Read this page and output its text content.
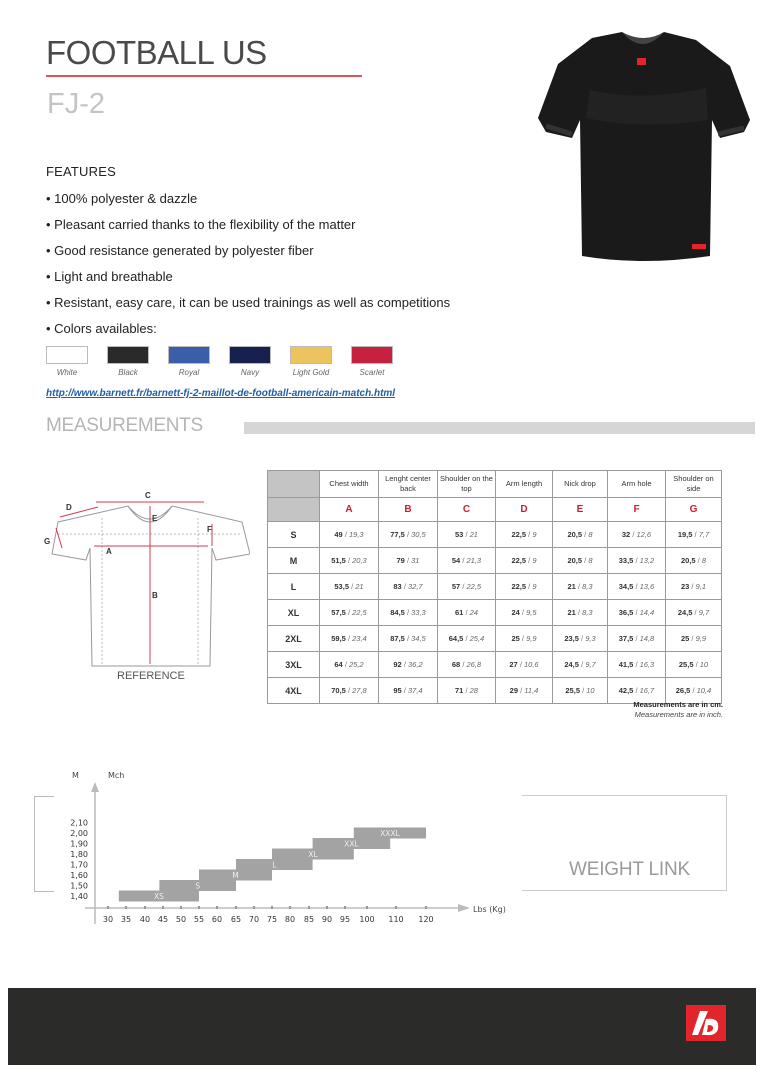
FOOTBALL US
FJ-2
FEATURES
• 100% polyester & dazzle
• Pleasant carried thanks to the flexibility of the matter
• Good resistance generated by polyester fiber
• Light and breathable
• Resistant, easy care, it can be used trainings as well as competitions
• Colors availables:
White	Black	Royal	Navy	Light Gold	Scarlet
http://www.barnett.fr/barnett-fj-2-maillot-de-football-americain-match.html
MEASUREMENTS
C
D
E
F
G
A
B
REFERENCE
	Chest width	Lenght center back	Shoulder on the top	Arm length	Nick drop	Arm hole	Shoulder on side
	A	B	C	D	E	F	G
S	49 / 19,3	77,5 / 30,5	53 / 21	22,5 / 9	20,5 / 8	32 / 12,6	19,5 / 7,7
M	51,5 / 20,3	79 / 31	54 / 21,3	22,5 / 9	20,5 / 8	33,5 / 13,2	20,5 / 8
L	53,5 / 21	83 / 32,7	57 / 22,5	22,5 / 9	21 / 8,3	34,5 / 13,6	23 / 9,1
XL	57,5 / 22,5	84,5 / 33,3	61 / 24	24 / 9,5	21 / 8,3	36,5 / 14,4	24,5 / 9,7
2XL	59,5 / 23,4	87,5 / 34,5	64,5 / 25,4	25 / 9,9	23,5 / 9,3	37,5 / 14,8	25 / 9,9
3XL	64 / 25,2	92 / 36,2	68 / 26,8	27 / 10,6	24,5 / 9,7	41,5 / 16,3	25,5 / 10
4XL	70,5 / 27,8	95 / 37,4	71 / 28	29 / 11,4	25,5 / 10	42,5 / 16,7	26,5 / 10,4
Measurements are in cm.
Measurements are in inch.
WEIGHT LINK
M	Mch
Lbs (Kg)
1,40
1,50
1,60
1,70
1,80
1,90
2,00
2,10
30 35 40 45 50 55 60 65 70 75 80 85 90 95 100 110 120
XS
S
M
L
XL
XXL
XXXL
